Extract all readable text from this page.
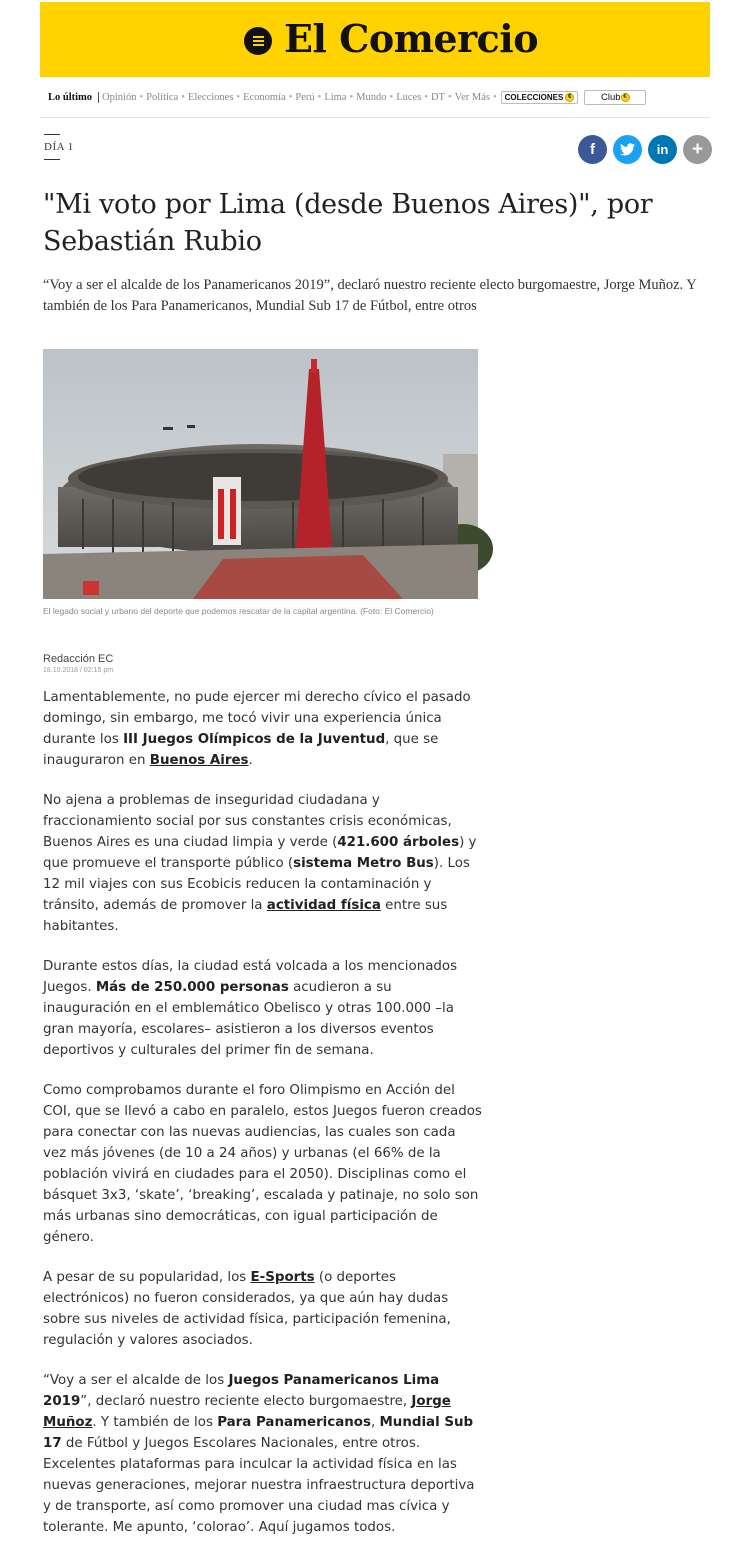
El Comercio
Lo último Opinión • Política • Elecciones • Economía • Perú • Lima • Mundo • Luces • DT • Ver Más • COLECCIONES €	Club €
DÍA 1	f	in	+
"Mi voto por Lima (desde Buenos Aires)", por Sebastián Rubio
“Voy a ser el alcalde de los Panamericanos 2019”, declaró nuestro reciente electo burgomaestre, Jorge Muñoz. Y también de los Para Panamericanos, Mundial Sub 17 de Fútbol, entre otros
El legado social y urbano del deporte que podemos rescatar de la capital argentina. (Foto: El Comercio)
Redacción EC
18.10.2018 / 02:15 pm

Lamentablemente, no pude ejercer mi derecho cívico el pasado domingo, sin embargo, me tocó vivir una experiencia única durante los III Juegos Olímpicos de la Juventud, que se inauguraron en Buenos Aires.

No ajena a problemas de inseguridad ciudadana y fraccionamiento social por sus constantes crisis económicas, Buenos Aires es una ciudad limpia y verde (421.600 árboles) y que promueve el transporte público (sistema Metro Bus). Los 12 mil viajes con sus Ecobicis reducen la contaminación y tránsito, además de promover la actividad física entre sus habitantes.

Durante estos días, la ciudad está volcada a los mencionados Juegos. Más de 250.000 personas acudieron a su inauguración en el emblemático Obelisco y otras 100.000 –la gran mayoría, escolares– asistieron a los diversos eventos deportivos y culturales del primer fin de semana.

Como comprobamos durante el foro Olimpismo en Acción del COI, que se llevó a cabo en paralelo, estos Juegos fueron creados para conectar con las nuevas audiencias, las cuales son cada vez más jóvenes (de 10 a 24 años) y urbanas (el 66% de la población vivirá en ciudades para el 2050). Disciplinas como el básquet 3x3, ‘skate’, ‘breaking’, escalada y patinaje, no solo son más urbanas sino democráticas, con igual participación de género.

A pesar de su popularidad, los E-Sports (o deportes electrónicos) no fueron considerados, ya que aún hay dudas sobre sus niveles de actividad física, participación femenina, regulación y valores asociados.

“Voy a ser el alcalde de los Juegos Panamericanos Lima 2019”, declaró nuestro reciente electo burgomaestre, Jorge Muñoz. Y también de los Para Panamericanos, Mundial Sub 17 de Fútbol y Juegos Escolares Nacionales, entre otros. Excelentes plataformas para inculcar la actividad física en las nuevas generaciones, mejorar nuestra infraestructura deportiva y de transporte, así como promover una ciudad mas cívica y tolerante. Me apunto, ‘colorao’. Aquí jugamos todos.
